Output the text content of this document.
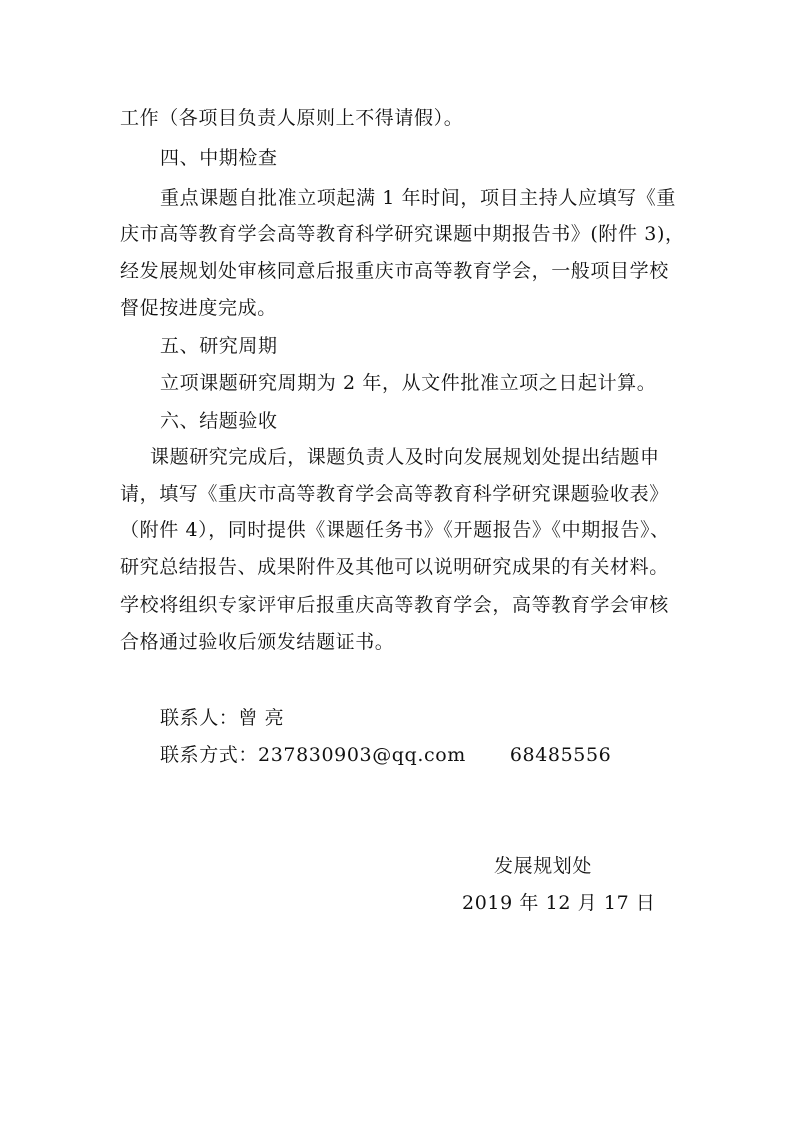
工作（各项目负责人原则上不得请假）。
四、中期检查
重点课题自批准立项起满 1 年时间，项目主持人应填写《重
庆市高等教育学会高等教育科学研究课题中期报告书》(附件 3)，
经发展规划处审核同意后报重庆市高等教育学会，一般项目学校
督促按进度完成。
五、研究周期
立项课题研究周期为 2 年，从文件批准立项之日起计算。
六、结题验收
课题研究完成后，课题负责人及时向发展规划处提出结题申
请，填写《重庆市高等教育学会高等教育科学研究课题验收表》
（附件 4），同时提供《课题任务书》《开题报告》《中期报告》、
研究总结报告、成果附件及其他可以说明研究成果的有关材料。
学校将组织专家评审后报重庆高等教育学会，高等教育学会审核
合格通过验收后颁发结题证书。
联系人：曾 亮
联系方式：237830903@qq.com 68485556
发展规划处
2019 年 12 月 17 日
